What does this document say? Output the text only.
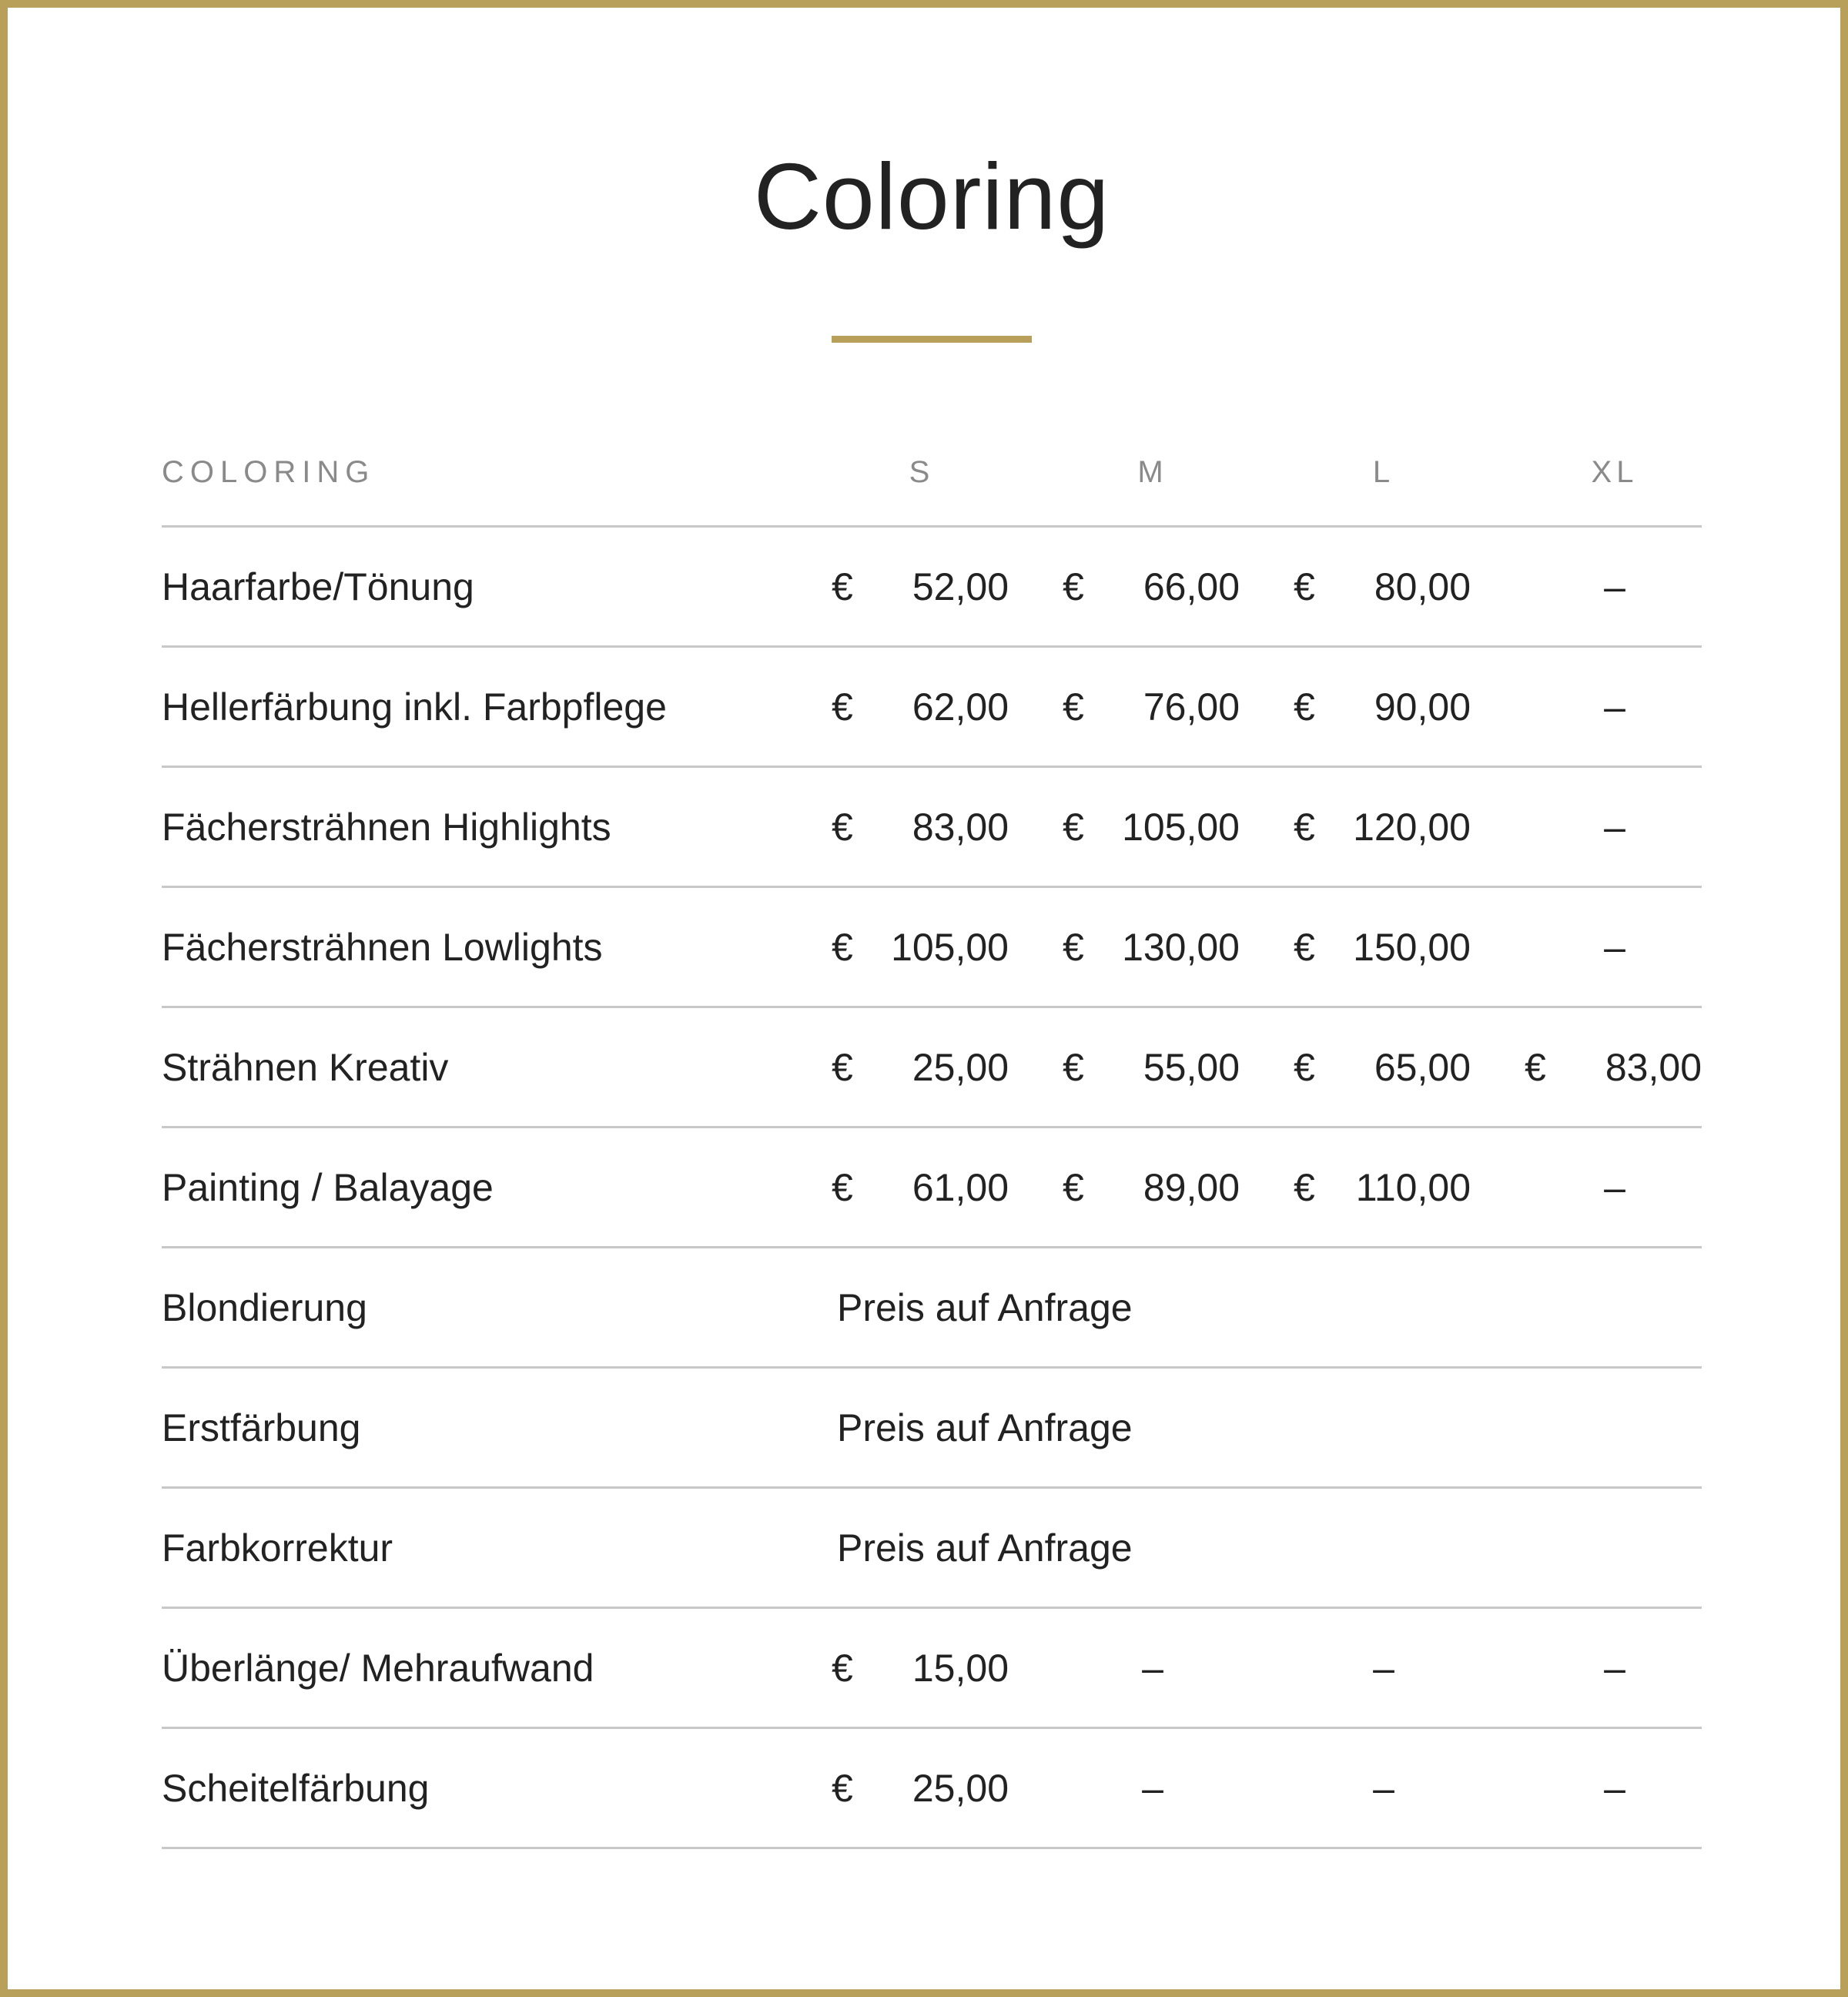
Coloring
COLORING	S	M	L	XL
Haarfarbe/Tönung	€	52,00 €	66,00 €	80,00	–
Hellerfärbung inkl. Farbpflege	€	62,00 €	76,00 €	90,00	–
Fächersträhnen Highlights	€	83,00 € 105,00 € 120,00	–
Fächersträhnen Lowlights	€ 105,00 € 130,00 € 150,00	–
Strähnen Kreativ	€	25,00 €	55,00 €	65,00 €	83,00
Painting / Balayage	€	61,00 €	89,00 €	110,00	–
Blondierung	Preis auf Anfrage
Erstfärbung	Preis auf Anfrage
Farbkorrektur	Preis auf Anfrage
Überlänge/ Mehraufwand	€	15,00	–	–	–
Scheitelfärbung	€	25,00	–	–	–
